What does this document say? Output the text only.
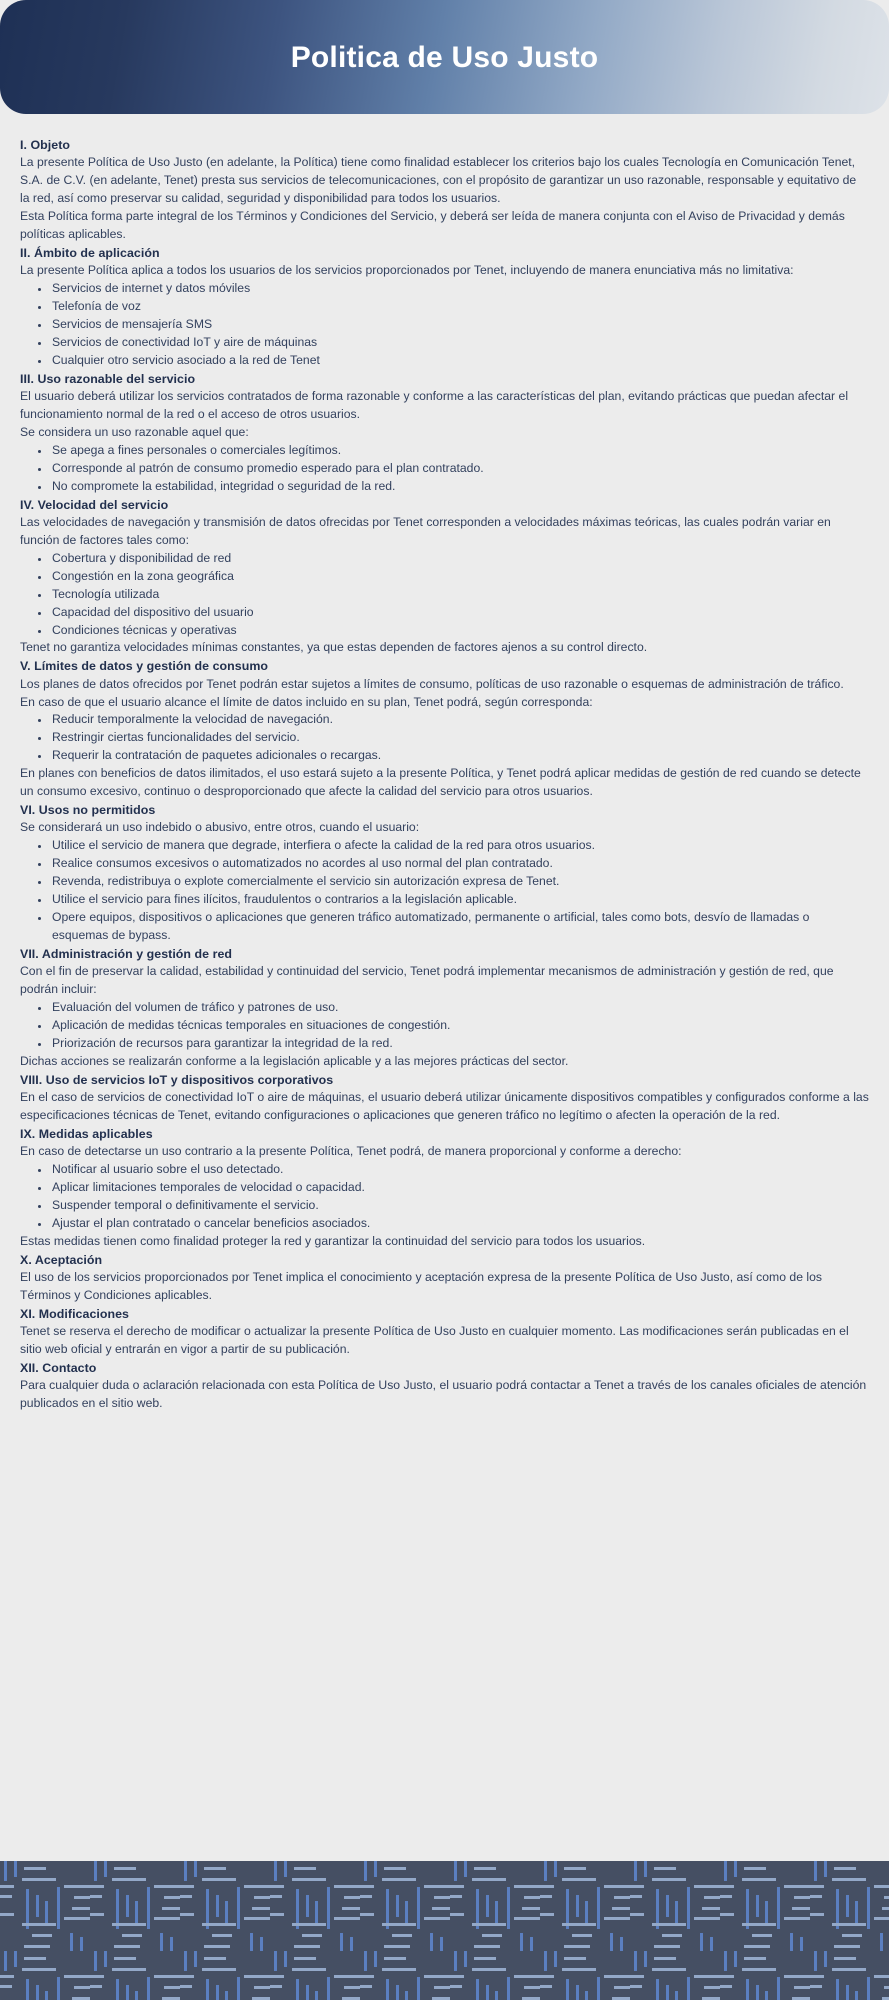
Politica de Uso Justo
I. Objeto

La presente Política de Uso Justo (en adelante, la Política) tiene como finalidad establecer los criterios bajo los cuales Tecnología en Comunicación Tenet, S.A. de C.V. (en adelante, Tenet) presta sus servicios de telecomunicaciones, con el propósito de garantizar un uso razonable, responsable y equitativo de la red, así como preservar su calidad, seguridad y disponibilidad para todos los usuarios.

Esta Política forma parte integral de los Términos y Condiciones del Servicio, y deberá ser leída de manera conjunta con el Aviso de Privacidad y demás políticas aplicables.

II. Ámbito de aplicación

La presente Política aplica a todos los usuarios de los servicios proporcionados por Tenet, incluyendo de manera enunciativa más no limitativa:

Servicios de internet y datos móviles
Telefonía de voz
Servicios de mensajería SMS
Servicios de conectividad IoT y aire de máquinas
Cualquier otro servicio asociado a la red de Tenet
III. Uso razonable del servicio

El usuario deberá utilizar los servicios contratados de forma razonable y conforme a las características del plan, evitando prácticas que puedan afectar el funcionamiento normal de la red o el acceso de otros usuarios.

Se considera un uso razonable aquel que:

Se apega a fines personales o comerciales legítimos.
Corresponde al patrón de consumo promedio esperado para el plan contratado.
No compromete la estabilidad, integridad o seguridad de la red.
IV. Velocidad del servicio

Las velocidades de navegación y transmisión de datos ofrecidas por Tenet corresponden a velocidades máximas teóricas, las cuales podrán variar en función de factores tales como:

Cobertura y disponibilidad de red
Congestión en la zona geográfica
Tecnología utilizada
Capacidad del dispositivo del usuario
Condiciones técnicas y operativas

Tenet no garantiza velocidades mínimas constantes, ya que estas dependen de factores ajenos a su control directo.

V. Límites de datos y gestión de consumo

Los planes de datos ofrecidos por Tenet podrán estar sujetos a límites de consumo, políticas de uso razonable o esquemas de administración de tráfico.

En caso de que el usuario alcance el límite de datos incluido en su plan, Tenet podrá, según corresponda:

Reducir temporalmente la velocidad de navegación.
Restringir ciertas funcionalidades del servicio.
Requerir la contratación de paquetes adicionales o recargas.

En planes con beneficios de datos ilimitados, el uso estará sujeto a la presente Política, y Tenet podrá aplicar medidas de gestión de red cuando se detecte un consumo excesivo, continuo o desproporcionado que afecte la calidad del servicio para otros usuarios.

VI. Usos no permitidos

Se considerará un uso indebido o abusivo, entre otros, cuando el usuario:

Utilice el servicio de manera que degrade, interfiera o afecte la calidad de la red para otros usuarios.
Realice consumos excesivos o automatizados no acordes al uso normal del plan contratado.
Revenda, redistribuya o explote comercialmente el servicio sin autorización expresa de Tenet.
Utilice el servicio para fines ilícitos, fraudulentos o contrarios a la legislación aplicable.
Opere equipos, dispositivos o aplicaciones que generen tráfico automatizado, permanente o artificial, tales como bots, desvío de llamadas o esquemas de bypass.
VII. Administración y gestión de red

Con el fin de preservar la calidad, estabilidad y continuidad del servicio, Tenet podrá implementar mecanismos de administración y gestión de red, que podrán incluir:

Evaluación del volumen de tráfico y patrones de uso.
Aplicación de medidas técnicas temporales en situaciones de congestión.
Priorización de recursos para garantizar la integridad de la red.

Dichas acciones se realizarán conforme a la legislación aplicable y a las mejores prácticas del sector.

VIII. Uso de servicios IoT y dispositivos corporativos

En el caso de servicios de conectividad IoT o aire de máquinas, el usuario deberá utilizar únicamente dispositivos compatibles y configurados conforme a las especificaciones técnicas de Tenet, evitando configuraciones o aplicaciones que generen tráfico no legítimo o afecten la operación de la red.

IX. Medidas aplicables

En caso de detectarse un uso contrario a la presente Política, Tenet podrá, de manera proporcional y conforme a derecho:

Notificar al usuario sobre el uso detectado.
Aplicar limitaciones temporales de velocidad o capacidad.
Suspender temporal o definitivamente el servicio.
Ajustar el plan contratado o cancelar beneficios asociados.

Estas medidas tienen como finalidad proteger la red y garantizar la continuidad del servicio para todos los usuarios.

X. Aceptación

El uso de los servicios proporcionados por Tenet implica el conocimiento y aceptación expresa de la presente Política de Uso Justo, así como de los Términos y Condiciones aplicables.

XI. Modificaciones

Tenet se reserva el derecho de modificar o actualizar la presente Política de Uso Justo en cualquier momento. Las modificaciones serán publicadas en el sitio web oficial y entrarán en vigor a partir de su publicación.

XII. Contacto

Para cualquier duda o aclaración relacionada con esta Política de Uso Justo, el usuario podrá contactar a Tenet a través de los canales oficiales de atención publicados en el sitio web.
